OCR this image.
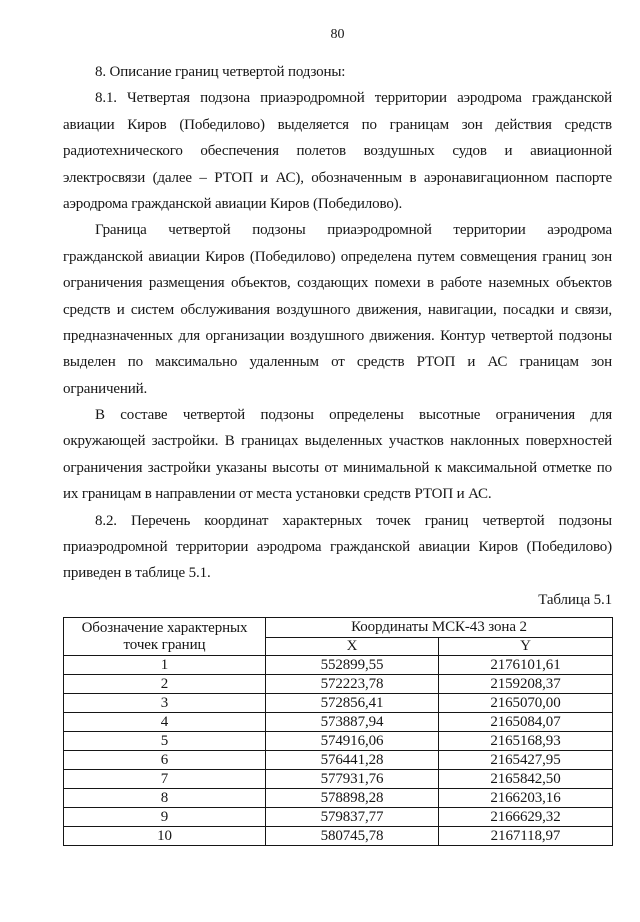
80
8. Описание границ четвертой подзоны:
8.1. Четвертая подзона приаэродромной территории аэродрома гражданской
авиации Киров (Победилово) выделяется по границам зон действия средств
радиотехнического обеспечения полетов воздушных судов и авиационной
электросвязи (далее – РТОП и АС), обозначенным в аэронавигационном паспорте
аэродрома гражданской авиации Киров (Победилово).
Граница четвертой подзоны приаэродромной территории аэродрома
гражданской авиации Киров (Победилово) определена путем совмещения границ зон
ограничения размещения объектов, создающих помехи в работе наземных объектов
средств и систем обслуживания воздушного движения, навигации, посадки и связи,
предназначенных для организации воздушного движения. Контур четвертой подзоны
выделен по максимально удаленным от средств РТОП и АС границам зон
ограничений.
В составе четвертой подзоны определены высотные ограничения для
окружающей застройки. В границах выделенных участков наклонных поверхностей
ограничения застройки указаны высоты от минимальной к максимальной отметке по
их границам в направлении от места установки средств РТОП и АС.
8.2. Перечень координат характерных точек границ четвертой подзоны
приаэродромной территории аэродрома гражданской авиации Киров (Победилово)
приведен в таблице 5.1.
Таблица 5.1
Обозначение характерных
точек границ	Координаты МСК-43 зона 2	
	X	Y
1	552899,55	2176101,61
2	572223,78	2159208,37
3	572856,41	2165070,00
4	573887,94	2165084,07
5	574916,06	2165168,93
6	576441,28	2165427,95
7	577931,76	2165842,50
8	578898,28	2166203,16
9	579837,77	2166629,32
10	580745,78	2167118,97
